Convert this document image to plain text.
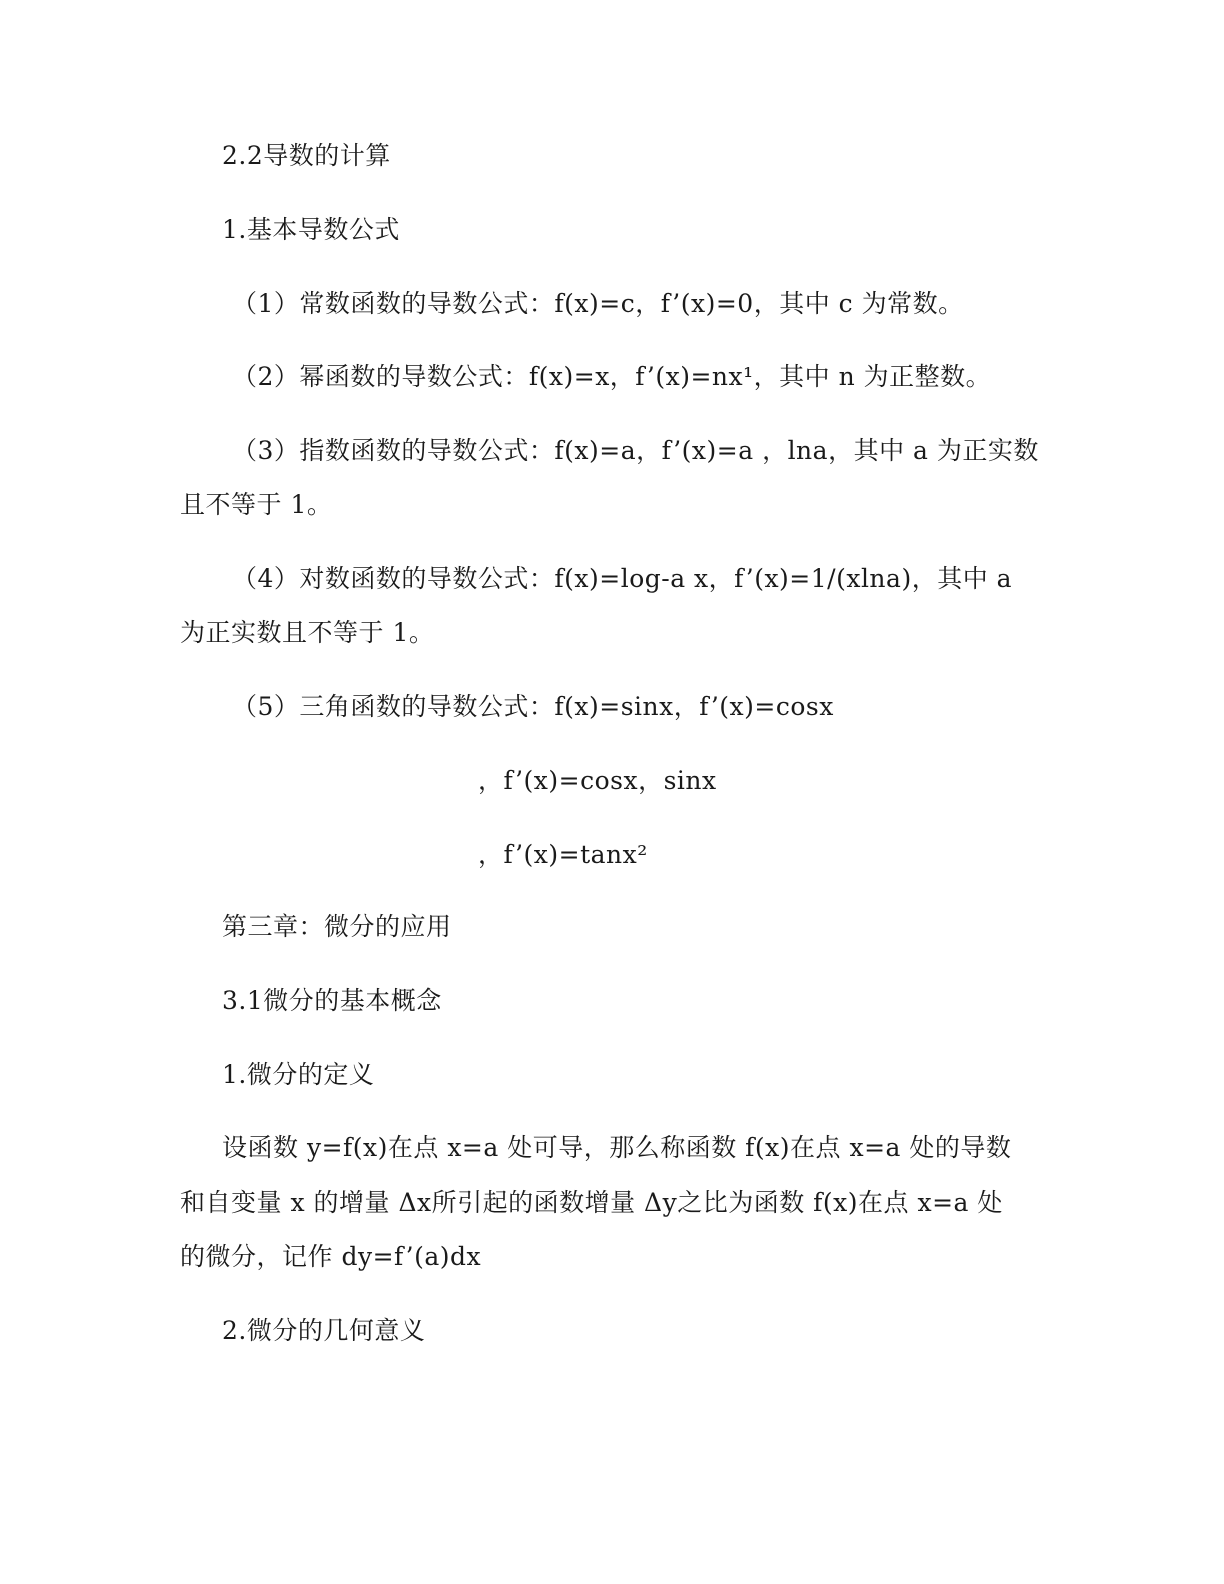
2.2导数的计算
1.基本导数公式
（1）常数函数的导数公式：f(x)=c，f’(x)=0，其中 c 为常数。
（2）幂函数的导数公式：f(x)=x，f’(x)=nx¹，其中 n 为正整数。
（3）指数函数的导数公式：f(x)=a，f’(x)=a ，lna，其中 a 为正实数
且不等于 1。
（4）对数函数的导数公式：f(x)=log-a x，f’(x)=1/(xlna)，其中 a
为正实数且不等于 1。
（5）三角函数的导数公式：f(x)=sinx，f’(x)=cosx
，f’(x)=cosx，sinx
，f’(x)=tanx²
第三章：微分的应用
3.1微分的基本概念
1.微分的定义
设函数 y=f(x)在点 x=a 处可导，那么称函数 f(x)在点 x=a 处的导数
和自变量 x 的增量 Δx所引起的函数增量 Δy之比为函数 f(x)在点 x=a 处
的微分，记作 dy=f’(a)dx
2.微分的几何意义
